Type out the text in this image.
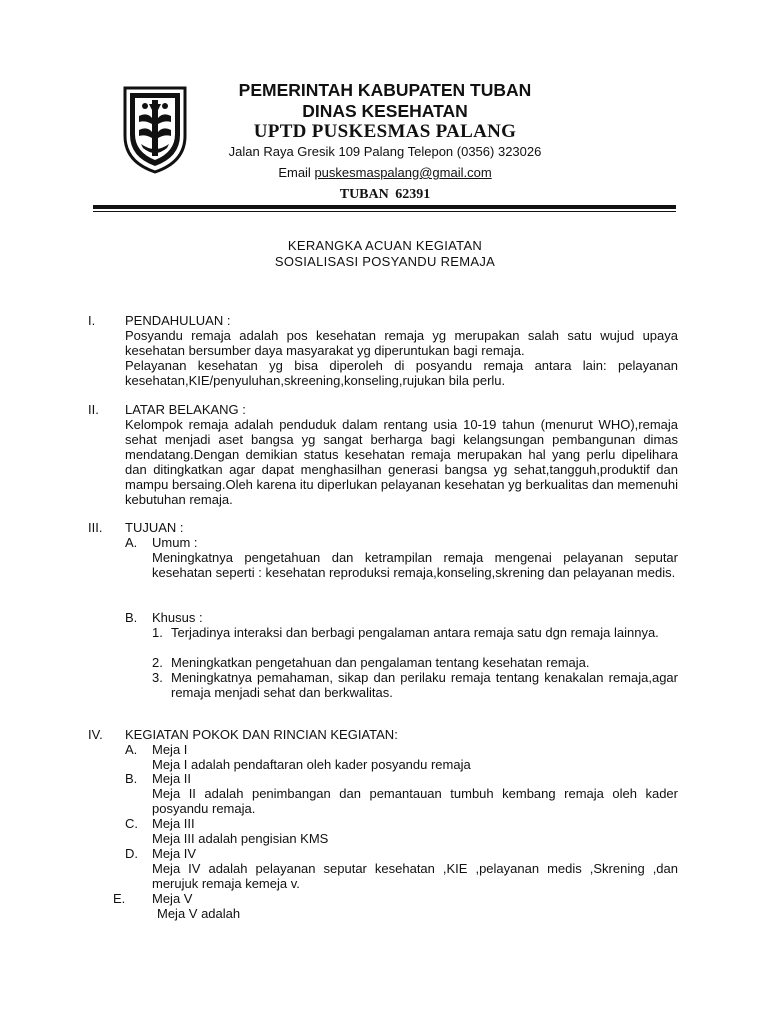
PEMERINTAH KABUPATEN TUBAN
DINAS KESEHATAN
UPTD PUSKESMAS PALANG
Jalan Raya Gresik 109 Palang Telepon (0356) 323026
Email puskesmaspalang@gmail.com
TUBAN 62391
KERANGKA ACUAN KEGIATAN
SOSIALISASI POSYANDU REMAJA
I. PENDAHULUAN :
Posyandu remaja adalah pos kesehatan remaja yg merupakan salah satu wujud upaya kesehatan bersumber daya masyarakat yg diperuntukan bagi remaja.
Pelayanan kesehatan yg bisa diperoleh di posyandu remaja antara lain: pelayanan kesehatan,KIE/penyuluhan,skreening,konseling,rujukan bila perlu.
II. LATAR BELAKANG :
Kelompok remaja adalah penduduk dalam rentang usia 10-19 tahun (menurut WHO),remaja sehat menjadi aset bangsa yg sangat berharga bagi kelangsungan pembangunan dimas mendatang.Dengan demikian status kesehatan remaja merupakan hal yang perlu dipelihara dan ditingkatkan agar dapat menghasilhan generasi bangsa yg sehat,tangguh,produktif dan mampu bersaing.Oleh karena itu diperlukan pelayanan kesehatan yg berkualitas dan memenuhi kebutuhan remaja.
III. TUJUAN :
A. Umum :
Meningkatnya pengetahuan dan ketrampilan remaja mengenai pelayanan seputar kesehatan seperti : kesehatan reproduksi remaja,konseling,skrening dan pelayanan medis.
B. Khusus :
1. Terjadinya interaksi dan berbagi pengalaman antara remaja satu dgn remaja lainnya.
2. Meningkatkan pengetahuan dan pengalaman tentang kesehatan remaja.
3. Meningkatnya pemahaman, sikap dan perilaku remaja tentang kenakalan remaja,agar remaja menjadi sehat dan berkwalitas.
IV. KEGIATAN POKOK DAN RINCIAN KEGIATAN:
A. Meja I
Meja I adalah pendaftaran oleh kader posyandu remaja
B. Meja II
Meja II adalah penimbangan dan pemantauan tumbuh kembang remaja oleh kader posyandu remaja.
C. Meja III
Meja III adalah pengisian KMS
D. Meja IV
Meja IV adalah pelayanan seputar kesehatan ,KIE ,pelayanan medis ,Skrening ,dan merujuk remaja kemeja v.
E. Meja V
Meja V adalah
